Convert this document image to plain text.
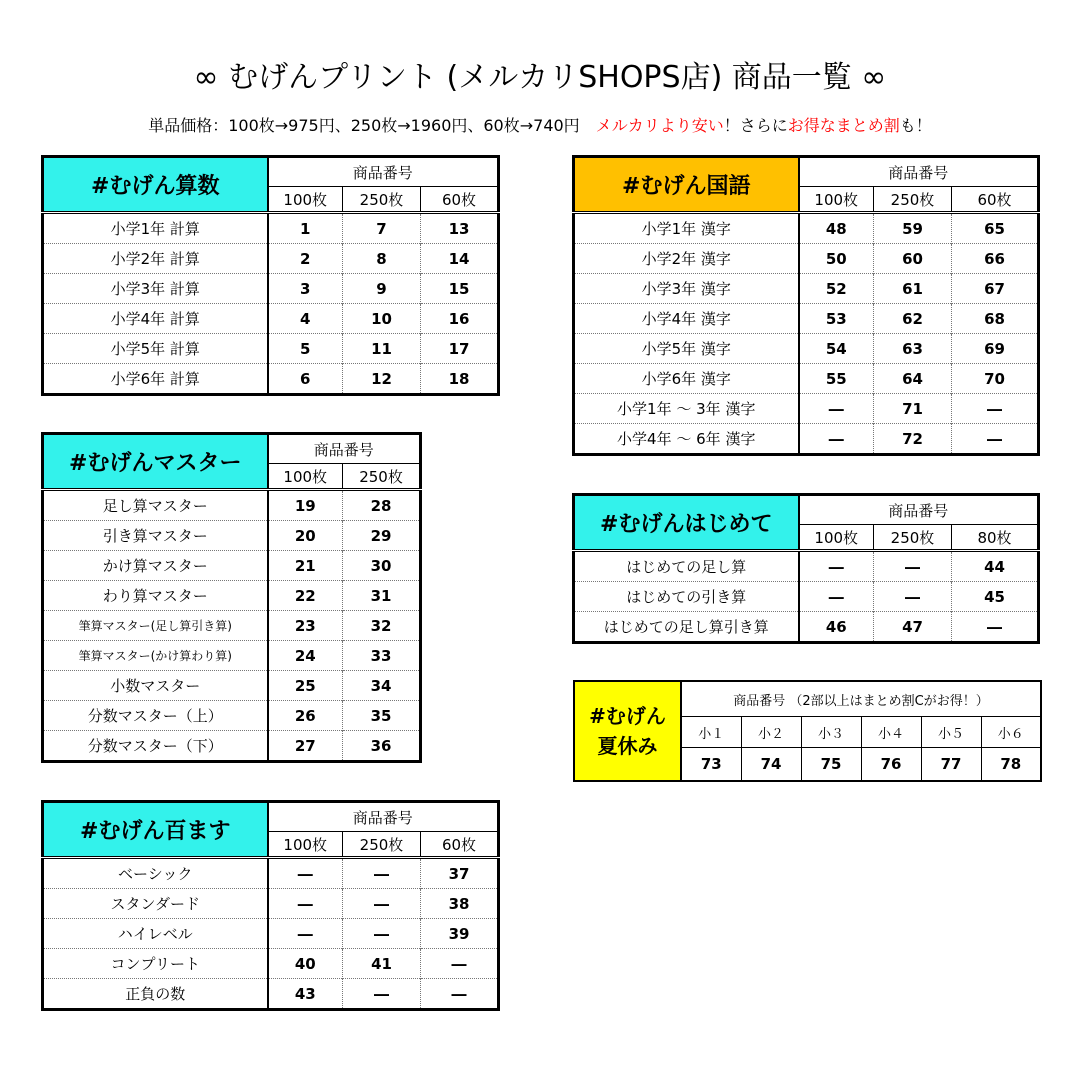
∞ むげんプリント (メルカリSHOPS店) 商品一覧 ∞
単品価格：100枚→975円、250枚→1960円、60枚→740円　 メルカリより安い！さらにお得なまとめ割も！
#むげん算数	商品番号		
	100枚	250枚	60枚
小学1年 計算	1	7	13
小学2年 計算	2	8	14
小学3年 計算	3	9	15
小学4年 計算	4	10	16
小学5年 計算	5	11	17
小学6年 計算	6	12	18
#むげんマスター	商品番号	
	100枚	250枚
足し算マスター	19	28
引き算マスター	20	29
かけ算マスター	21	30
わり算マスター	22	31
筆算マスター(足し算引き算)	23	32
筆算マスター(かけ算わり算)	24	33
小数マスター	25	34
分数マスター（上）	26	35
分数マスター（下）	27	36
#むげん百ます	商品番号		
	100枚	250枚	60枚
ベーシック	―	―	37
スタンダード	―	―	38
ハイレベル	―	―	39
コンプリート	40	41	―
正負の数	43	―	―
#むげん国語	商品番号		
	100枚	250枚	60枚
小学1年 漢字	48	59	65
小学2年 漢字	50	60	66
小学3年 漢字	52	61	67
小学4年 漢字	53	62	68
小学5年 漢字	54	63	69
小学6年 漢字	55	64	70
小学1年 ～ 3年 漢字	―	71	―
小学4年 ～ 6年 漢字	―	72	―
#むげんはじめて	商品番号		
	100枚	250枚	80枚
はじめての足し算	―	―	44
はじめての引き算	―	―	45
はじめての足し算引き算	46	47	―
#むげん
夏休み	商品番号 （2部以上はまとめ割Cがお得！）					
	小１	小２	小３	小４	小５	小６
	73	74	75	76	77	78
